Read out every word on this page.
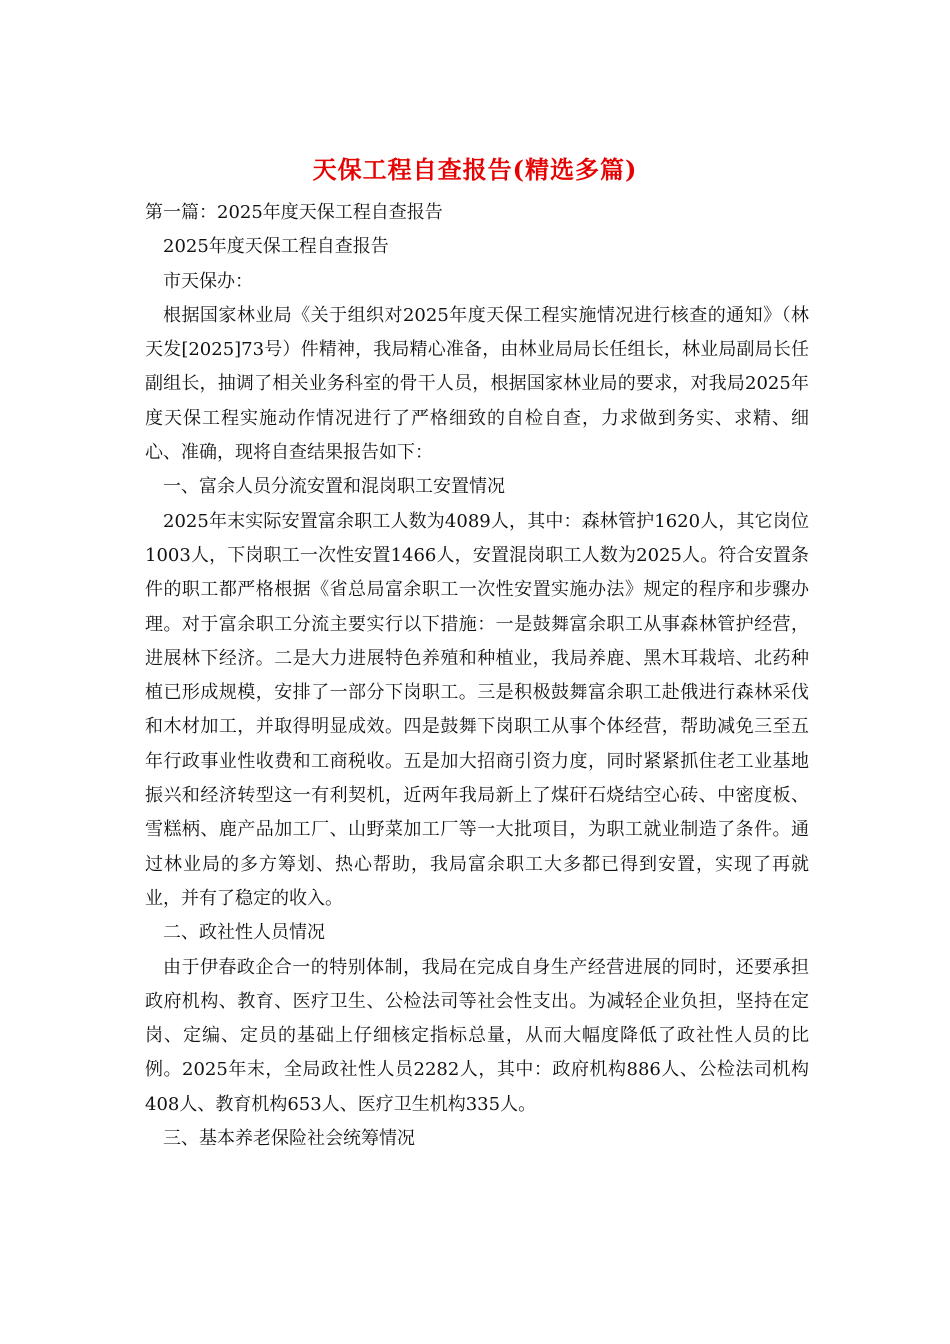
天保工程自查报告(精选多篇)

第一篇：2025年度天保工程自查报告

2025年度天保工程自查报告

市天保办：

根据国家林业局《关于组织对2025年度天保工程实施情况进行核查的通知》（林天发[2025]73号）件精神，我局精心准备，由林业局局长任组长，林业局副局长任副组长，抽调了相关业务科室的骨干人员，根据国家林业局的要求，对我局2025年度天保工程实施动作情况进行了严格细致的自检自查，力求做到务实、求精、细心、准确，现将自查结果报告如下：

一、富余人员分流安置和混岗职工安置情况

2025年末实际安置富余职工人数为4089人，其中：森林管护1620人，其它岗位1003人，下岗职工一次性安置1466人，安置混岗职工人数为2025人。符合安置条件的职工都严格根据《省总局富余职工一次性安置实施办法》规定的程序和步骤办理。对于富余职工分流主要实行以下措施：一是鼓舞富余职工从事森林管护经营，进展林下经济。二是大力进展特色养殖和种植业，我局养鹿、黑木耳栽培、北药种植已形成规模，安排了一部分下岗职工。三是积极鼓舞富余职工赴俄进行森林采伐和木材加工，并取得明显成效。四是鼓舞下岗职工从事个体经营，帮助减免三至五年行政事业性收费和工商税收。五是加大招商引资力度，同时紧紧抓住老工业基地振兴和经济转型这一有利契机，近两年我局新上了煤矸石烧结空心砖、中密度板、雪糕柄、鹿产品加工厂、山野菜加工厂等一大批项目，为职工就业制造了条件。通过林业局的多方筹划、热心帮助，我局富余职工大多都已得到安置，实现了再就业，并有了稳定的收入。

二、政社性人员情况

由于伊春政企合一的特别体制，我局在完成自身生产经营进展的同时，还要承担政府机构、教育、医疗卫生、公检法司等社会性支出。为减轻企业负担，坚持在定岗、定编、定员的基础上仔细核定指标总量，从而大幅度降低了政社性人员的比例。2025年末，全局政社性人员2282人，其中：政府机构886人、公检法司机构408人、教育机构653人、医疗卫生机构335人。

三、基本养老保险社会统筹情况
